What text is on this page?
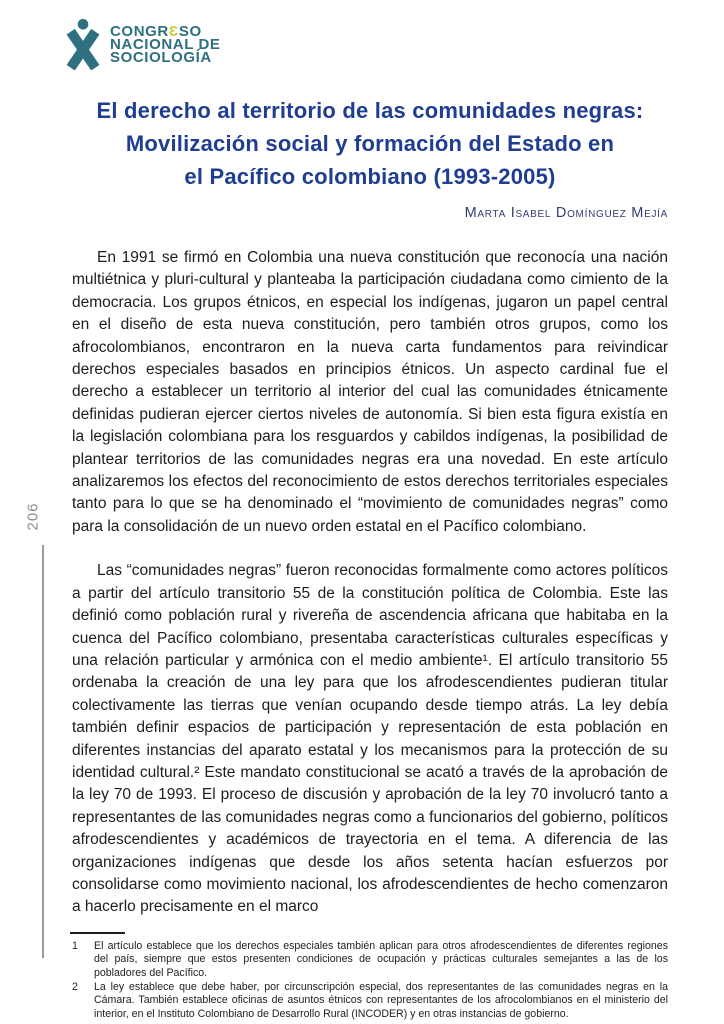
CONGRƐSO
NACIONAL DE
SOCIOLOGÍA
El derecho al territorio de las comunidades negras:
Movilización social y formación del Estado en
el Pacífico colombiano (1993-2005)
Marta Isabel Domínguez Mejía

En 1991 se firmó en Colombia una nueva constitución que reconocía una nación multiétnica y pluri-cultural y planteaba la participación ciudadana como cimiento de la democracia. Los grupos étnicos, en especial los indígenas, jugaron un papel central en el diseño de esta nueva constitución, pero también otros grupos, como los afrocolombianos, encontraron en la nueva carta fundamentos para reivindicar derechos especiales basados en principios étnicos. Un aspecto cardinal fue el derecho a establecer un territorio al interior del cual las comunidades étnicamente definidas pudieran ejercer ciertos niveles de autonomía. Si bien esta figura existía en la legislación colombiana para los resguardos y cabildos indígenas, la posibilidad de plantear territorios de las comunidades negras era una novedad. En este artículo analizaremos los efectos del reconocimiento de estos derechos territoriales especiales tanto para lo que se ha denominado el “movimiento de comunidades negras” como para la consolidación de un nuevo orden estatal en el Pacífico colombiano.

Las “comunidades negras” fueron reconocidas formalmente como actores políticos a partir del artículo transitorio 55 de la constitución política de Colombia. Este las definió como población rural y rivereña de ascendencia africana que habitaba en la cuenca del Pacífico colombiano, presentaba características culturales específicas y una relación particular y armónica con el medio ambiente¹. El artículo transitorio 55 ordenaba la creación de una ley para que los afrodescendientes pudieran titular colectivamente las tierras que venían ocupando desde tiempo atrás. La ley debía también definir espacios de participación y representación de esta población en diferentes instancias del aparato estatal y los mecanismos para la protección de su identidad cultural.² Este mandato constitucional se acató a través de la aprobación de la ley 70 de 1993. El proceso de discusión y aprobación de la ley 70 involucró tanto a representantes de las comunidades negras como a funcionarios del gobierno, políticos afrodescendientes y académicos de trayectoria en el tema. A diferencia de las organizaciones indígenas que desde los años setenta hacían esfuerzos por consolidarse como movimiento nacional, los afrodescendientes de hecho comenzaron a hacerlo precisamente en el marco

1	El artículo establece que los derechos especiales también aplican para otros afrodescendientes de diferentes regiones del país, siempre que estos presenten condiciones de ocupación y prácticas culturales semejantes a las de los pobladores del Pacífico.
2	La ley establece que debe haber, por circunscripción especial, dos representantes de las comunidades negras en la Cámara. También establece oficinas de asuntos étnicos con representantes de los afrocolombianos en el ministerio del interior, en el Instituto Colombiano de Desarrollo Rural (INCODER) y en otras instancias de gobierno.
206
